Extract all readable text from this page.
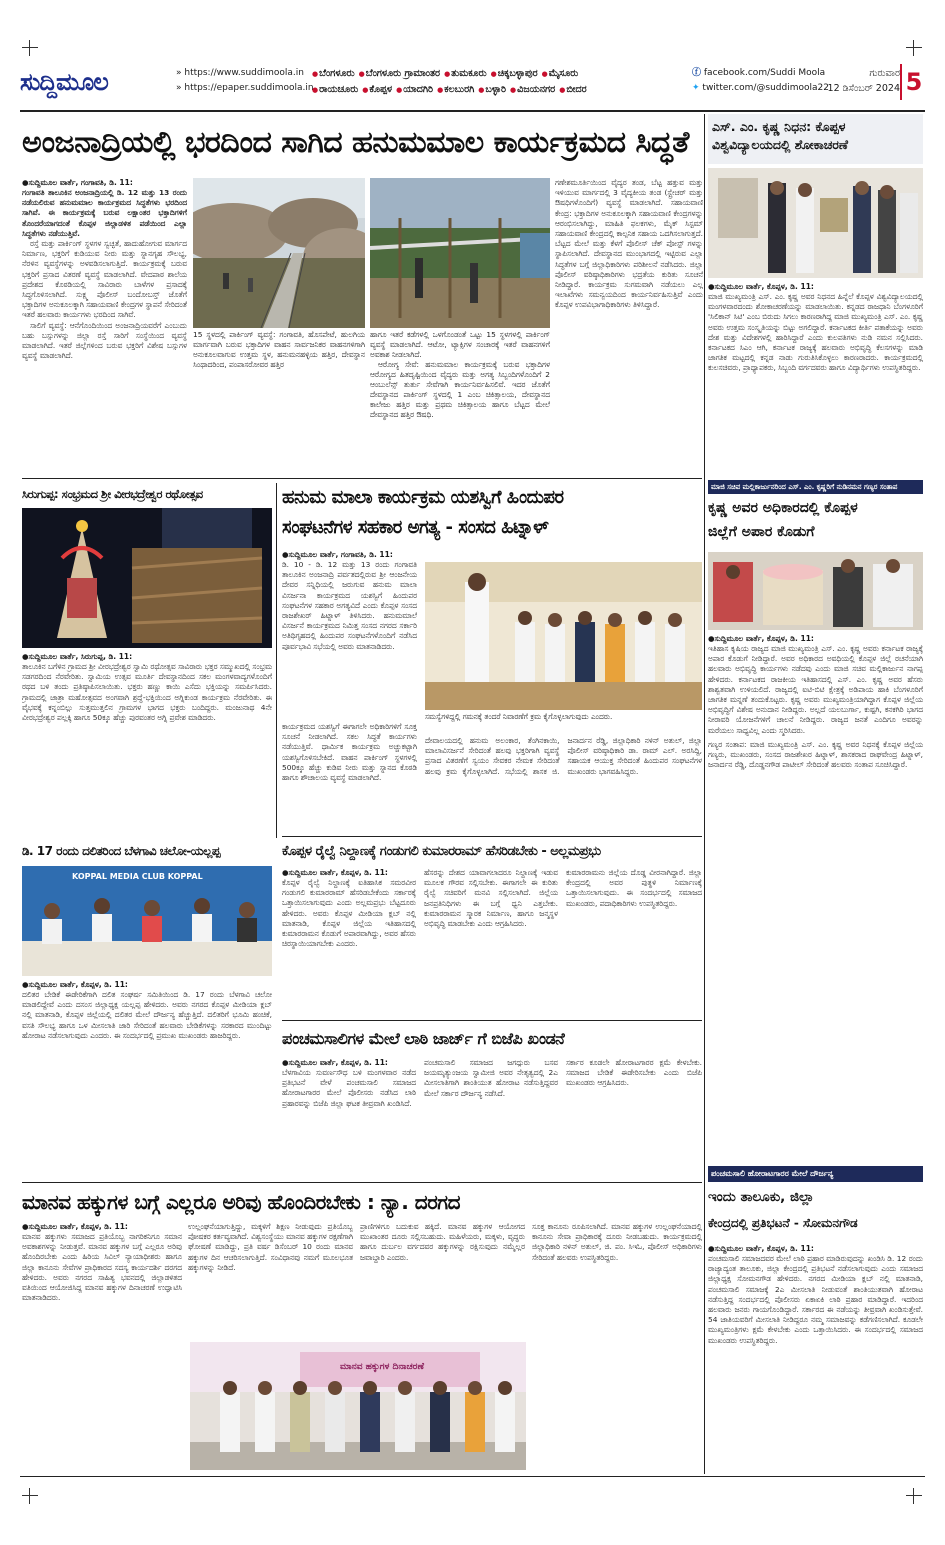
ಸುದ್ದಿಮೂಲ	» https://www.suddimoola.in
» https://epaper.suddimoola.in
● ಬೆಂಗಳೂರು ● ಬೆಂಗಳೂರು ಗ್ರಾಮಾಂತರ ● ತುಮಕೂರು ● ಚಿಕ್ಕಬಳ್ಳಾಪುರ ● ಮೈಸೂರು
● ರಾಯಚೂರು ● ಕೊಪ್ಪಳ ● ಯಾದಗಿರಿ ● ಕಲಬುರಗಿ ● ಬಳ್ಳಾರಿ ● ವಿಜಯನಗರ ● ಬೀದರ
ⓕ facebook.com/Suddi Moola
✦ twitter.com/@suddimoola22
ಗುರುವಾರ
12 ಡಿಸೆಂಬರ್ 2024 5
ಅಂಜನಾದ್ರಿಯಲ್ಲಿ ಭರದಿಂದ ಸಾಗಿದ ಹನುಮಮಾಲ ಕಾರ್ಯಕ್ರಮದ ಸಿದ್ಧತೆ
●ಸುದ್ದಿಮೂಲ ವಾರ್ತೆ, ಗಂಗಾವತಿ, ಡಿ. 11:
ಗಂಗಾವತಿ ತಾಲೂಕಿನ ಅಂಜನಾದ್ರಿಯಲ್ಲಿ ಡಿ. 12 ಮತ್ತು 13 ರಂದು ನಡೆಯಲಿರುವ ಹನುಮಮಾಲ ಕಾರ್ಯಕ್ರಮದ ಸಿದ್ಧತೆಗಳು ಭರದಿಂದ ಸಾಗಿವೆ. ಈ ಕಾರ್ಯಕ್ರಮಕ್ಕೆ ಬರುವ ಲಕ್ಷಾಂತರ ಭಕ್ತಾದಿಗಳಿಗೆ ತೊಂದರೆಯಾಗದಂತೆ ಕೊಪ್ಪಳ ಜಿಲ್ಲಾಡಳಿತ ಪಡೆಯಿಂದ ಎಲ್ಲಾ ಸಿದ್ಧತೆಗಳು ನಡೆಯುತ್ತಿವೆ.
ರಸ್ತೆ ಮತ್ತು ಪಾರ್ಕಿಂಗ್ ಸ್ಥಳಗಳ ಸ್ವಚ್ಛತೆ, ಹಾದುಹೋಗುವ ಮಾರ್ಗದ ನಿರ್ಮಾಣ, ಭಕ್ತರಿಗೆ ಕುಡಿಯುವ ನೀರು ಮತ್ತು ಸ್ನಾನಗೃಹ ಸೌಲಭ್ಯ, ನೆರಳಿನ ವ್ಯವಸ್ಥೆಗಳನ್ನು ಅಳವಡಿಸಲಾಗುತ್ತಿದೆ. ಕಾರ್ಯಕ್ರಮಕ್ಕೆ ಬರುವ ಭಕ್ತರಿಗೆ ಪ್ರಸಾದ ವಿತರಣೆ ವ್ಯವಸ್ಥೆ ಮಾಡಲಾಗಿದೆ. ವೇದಪಾಠ ಶಾಲೆಯ ಪ್ರದೇಶದ ಕೊಠಡಿಯಲ್ಲಿ ಸಾವಿರಾರು ಬಾಳೆಗಳ ಪ್ರಸಾದಕ್ಕೆ ಸಿದ್ಧಗೊಳಿಸಲಾಗಿದೆ. ಸುಕ್ಷ್ಮ ಪೊಲೀಸ್ ಬಂದೋಬಸ್ತ್ ಜೊತೆಗೆ ಭಕ್ತಾದಿಗಳ ಅನುಕೂಲಕ್ಕಾಗಿ ಸಹಾಯವಾಣಿ ಕೇಂದ್ರಗಳ ಸ್ಥಾಪನೆ ಸೇರಿದಂತೆ ಇತರೆ ಹಲವಾರು ಕಾರ್ಯಗಳು ಭರದಿಂದ ಸಾಗಿವೆ.
ಸಾಲಿಗೆ ವ್ಯವಸ್ಥೆ: ಆನೆಗೊಂದಿಯಿಂದ ಅಂಜನಾದ್ರಿಯವರೆಗೆ ಎಂಬುದು ಬಹು ಬಸ್ಸುಗಳನ್ನು ಜಿಲ್ಲಾ ರಸ್ತೆ ಸಾರಿಗೆ ಸಂಸ್ಥೆಯಿಂದ ವ್ಯವಸ್ಥೆ ಮಾಡಲಾಗಿದೆ. ಇತರೆ ಜಿಲ್ಲೆಗಳಿಂದ ಬರುವ ಭಕ್ತರಿಗೆ ವಿಶೇಷ ಬಸ್ಸುಗಳ ವ್ಯವಸ್ಥೆ ಮಾಡಲಾಗಿದೆ.
15 ಸ್ಥಳದಲ್ಲಿ ಪಾರ್ಕಿಂಗ್ ವ್ಯವಸ್ಥೆ: ಗಂಗಾವತಿ, ಹೊಸಪೇಟೆ, ಹುಲಗಿಯ ಮಾರ್ಗವಾಗಿ ಬರುವ ಭಕ್ತಾದಿಗಳ ವಾಹನ ಸಾರ್ವಜನಿಕರ ವಾಹನಗಳಿಗಾಗಿ ಅನುಕೂಲವಾಗುವ ಉತ್ತಮ ಸ್ಥಳ, ಹನುಮನಹಳ್ಳಿಯ ಹತ್ತಿರ, ದೇವಸ್ಥಾನ ಸಿಂಥಾದರಿಂದ, ಪಂಪಾಸರೋವರ ಹತ್ತಿರ
ಹಾಗೂ ಇತರೆ ಕಡೆಗಳಲ್ಲಿ ಒಳಗೊಂಡಂತೆ ಒಟ್ಟು 15 ಸ್ಥಳಗಳಲ್ಲಿ ಪಾರ್ಕಿಂಗ್ ವ್ಯವಸ್ಥೆ ಮಾಡಲಾಗಿದೆ. ಆಟೋ, ಟ್ಯಾಕ್ಸಿಗಳ ಸಂಚಾರಕ್ಕೆ ಇತರೆ ವಾಹನಗಳಿಗೆ ಅವಕಾಶ ನೀಡಲಾಗಿದೆ.
ಆರೋಗ್ಯ ಸೇವೆ: ಹನುಮಮಾಲ ಕಾರ್ಯಕ್ರಮಕ್ಕೆ ಬರುವ ಭಕ್ತಾದಿಗಳ ಆರೋಗ್ಯದ ಹಿತದೃಷ್ಟಿಯಿಂದ ವೈದ್ಯರು ಮತ್ತು ಅಗತ್ಯ ಸಿಬ್ಬಂದಿಗಳೊಂದಿಗೆ 2 ಆಂಬುಲೆನ್ಸ್ ತುರ್ತು ಸೇವೆಗಾಗಿ ಕಾರ್ಯನಿರ್ವಹಿಸಲಿವೆ. ಇದರ ಜೊತೆಗೆ ದೇವಸ್ಥಾನದ ಪಾರ್ಕಿಂಗ್ ಸ್ಥಳದಲ್ಲಿ 1 ಎಂಬ ಚಿಕಿತ್ಸಾಲಯ, ದೇವಸ್ಥಾನದ ಕಾಲೇಜು ಹತ್ತಿರ ಮತ್ತು ಪ್ರಥಮ ಚಿಕಿತ್ಸಾಲಯ ಹಾಗೂ ಬೆಟ್ಟದ ಮೇಲೆ ದೇವಸ್ಥಾನದ ಹತ್ತಿರ ಔಷಧಿ.
ಗಣೇಶಮೂರ್ತಿಯಿಂದ ವೈದ್ಯರ ತಂಡ, ಬೆಟ್ಟ ಹತ್ತುವ ಮತ್ತು ಇಳಿಯುವ ಮಾರ್ಗದಲ್ಲಿ 3 ವೈದ್ಯಕೀಯ ತಂಡ (ಸ್ಟ್ರೇಚರ್ ಮತ್ತು ಔಷಧಿಗಳೊಂದಿಗೆ) ವ್ಯವಸ್ಥೆ ಮಾಡಲಾಗಿದೆ. ಸಹಾಯವಾಣಿ ಕೇಂದ್ರ: ಭಕ್ತಾದಿಗಳ ಅನುಕೂಲಕ್ಕಾಗಿ ಸಹಾಯವಾಣಿ ಕೇಂದ್ರಗಳನ್ನು ಆರಂಭಿಸಲಾಗಿದ್ದು, ಮಾಹಿತಿ ಫಲಕಗಳು, ಮೈಕ್ ಸಿಸ್ಟಮ್ ಸಹಾಯವಾಣಿ ಕೇಂದ್ರದಲ್ಲಿ ಕಾಲ್ಪನಿಕ ಸಹಾಯ ಒದಗಿಸಲಾಗುತ್ತದೆ. ಬೆಟ್ಟದ ಮೇಲೆ ಮತ್ತು ಕೆಳಗೆ ಪೊಲೀಸ್ ಚೆಕ್ ಪೋಸ್ಟ್ ಗಳನ್ನು ಸ್ಥಾಪಿಸಲಾಗಿದೆ. ದೇವಸ್ಥಾನದ ಮುಂಭಾಗದಲ್ಲಿ ಇಟ್ಟಿರುವ ಎಲ್ಲಾ ಸಿದ್ಧತೆಗಳ ಬಗ್ಗೆ ಜಿಲ್ಲಾಧಿಕಾರಿಗಳು ಪರಿಶೀಲನೆ ನಡೆಸಿದರು. ಜಿಲ್ಲಾ ಪೊಲೀಸ್ ವರಿಷ್ಠಾಧಿಕಾರಿಗಳು ಭದ್ರತೆಯ ಕುರಿತು ಸೂಚನೆ ನೀಡಿದ್ದಾರೆ. ಕಾರ್ಯಕ್ರಮ ಸುಗಮವಾಗಿ ನಡೆಯಲು ಎಲ್ಲ ಇಲಾಖೆಗಳು ಸಮನ್ವಯದಿಂದ ಕಾರ್ಯನಿರ್ವಹಿಸುತ್ತಿವೆ ಎಂದು ಕೊಪ್ಪಳ ಉಪವಿಭಾಗಾಧಿಕಾರಿಗಳು ತಿಳಿಸಿದ್ದಾರೆ.
ಎಸ್. ಎಂ. ಕೃಷ್ಣ ನಿಧನ: ಕೊಪ್ಪಳ
ವಿಶ್ವವಿದ್ಯಾಲಯದಲ್ಲಿ ಶೋಕಾಚರಣೆ
●ಸುದ್ದಿಮೂಲ ವಾರ್ತೆ, ಕೊಪ್ಪಳ, ಡಿ. 11:
ಮಾಜಿ ಮುಖ್ಯಮಂತ್ರಿ ಎಸ್. ಎಂ. ಕೃಷ್ಣ ಅವರ ನಿಧನದ ಹಿನ್ನೆಲೆ ಕೊಪ್ಪಳ ವಿಶ್ವವಿದ್ಯಾಲಯದಲ್ಲಿ ಮಂಗಳವಾರದಂದು ಶೋಕಾಚರಣೆಯನ್ನು ಮಾಡಲಾಯಿತು. ಕನ್ನಡದ ರಾಜಧಾನಿ ಬೆಂಗಳೂರಿಗೆ 'ಸಿಲಿಕಾನ್ ಸಿಟಿ' ಎಂಬ ಬಿರುದು ಸಿಗಲು ಕಾರಣರಾಗಿದ್ದ ಮಾಜಿ ಮುಖ್ಯಮಂತ್ರಿ ಎಸ್. ಎಂ. ಕೃಷ್ಣ ಅವರು ಉತ್ತಮ ಸಂಸ್ಕೃತಿಯನ್ನು ಬಿಟ್ಟು ಅಗಲಿದ್ದಾರೆ. ಕರ್ನಾಟಕದ ಕೀರ್ತಿ ಪತಾಕೆಯನ್ನು ಅವರು ದೇಶ ಮತ್ತು ವಿದೇಶಗಳಲ್ಲಿ ಹಾರಿಸಿದ್ದಾರೆ ಎಂದು ಕುಲಪತಿಗಳು ನುಡಿ ನಮನ ಸಲ್ಲಿಸಿದರು. ಕರ್ನಾಟಕದ ಸಿಎಂ ಆಗಿ, ಕರ್ನಾಟಕ ರಾಜ್ಯಕ್ಕೆ ಹಲವಾರು ಅಭಿವೃದ್ಧಿ ಕೆಲಸಗಳನ್ನು ಮಾಡಿ ಜಾಗತಿಕ ಮಟ್ಟದಲ್ಲಿ ಕನ್ನಡ ನಾಡು ಗುರುತಿಸಿಕೊಳ್ಳಲು ಕಾರಣರಾದರು. ಕಾರ್ಯಕ್ರಮದಲ್ಲಿ ಕುಲಸಚಿವರು, ಪ್ರಾಧ್ಯಾಪಕರು, ಸಿಬ್ಬಂದಿ ವರ್ಗದವರು ಹಾಗೂ ವಿದ್ಯಾರ್ಥಿಗಳು ಉಪಸ್ಥಿತರಿದ್ದರು.
ಸಿರುಗುಪ್ಪ: ಸಂಭ್ರಮದ ಶ್ರೀ ವೀರಭದ್ರೇಶ್ವರ ರಥೋತ್ಸವ
●ಸುದ್ದಿಮೂಲ ವಾರ್ತೆ, ಸಿರುಗುಪ್ಪ, ಡಿ. 11:
ತಾಲೂಕಿನ ಬಗೆಳಿನ ಗ್ರಾಮದ ಶ್ರೀ ವೀರಭದ್ರೇಶ್ವರ ಸ್ವಾಮಿ ರಥೋತ್ಸವ ಸಾವಿರಾರು ಭಕ್ತರ ಸಮ್ಮುಖದಲ್ಲಿ ಸಂಭ್ರಮ ಸಡಗರದಿಂದ ನೆರವೇರಿತು. ಸ್ವಾಮಿಯ ಉತ್ಸವ ಮೂರ್ತಿ ದೇವಸ್ಥಾನದಿಂದ ಸಕಲ ಮಂಗಳವಾದ್ಯಗಳೊಂದಿಗೆ ರಥದ ಬಳಿ ತಂದು ಪ್ರತಿಷ್ಠಾಪಿಸಲಾಯಿತು. ಭಕ್ತರು ಹಣ್ಣು ಕಾಯಿ ಎಸೆದು ಭಕ್ತಿಯನ್ನು ಸಮರ್ಪಿಸಿದರು. ಗ್ರಾಮದಲ್ಲಿ ಜಾತ್ರಾ ಮಹೋತ್ಸವದ ಅಂಗವಾಗಿ ಶ್ರದ್ಧೆ-ಭಕ್ತಿಯಿಂದ ಅಗ್ನಿಕುಂಡ ಕಾರ್ಯಕ್ರಮ ನೆರವೇರಿತು. ಈ ವೈಭವಕ್ಕೆ ಕನ್ನಂಬಿಲ್ಲು ಸುತ್ತಮುತ್ತಲಿನ ಗ್ರಾಮಗಳ ಭಾಗದ ಭಕ್ತರು ಬಂದಿದ್ದರು. ಮಂಜುನಾಥ 4ನೇ ವೀರಭದ್ರೇಶ್ವರ ಪಲ್ಲಕ್ಕಿ ಹಾಗೂ 50ಕ್ಕೂ ಹೆಚ್ಚು ಪುರವಂತರ ಅಗ್ನಿ ಪ್ರವೇಶ ಮಾಡಿದರು.
ಡಿ. 17 ರಂದು ದಲಿತರಿಂದ ಬೆಳಗಾವಿ ಚಲೋ-ಯಲ್ಲಪ್ಪ
KOPPAL MEDIA CLUB KOPPAL
●ಸುದ್ದಿಮೂಲ ವಾರ್ತೆ, ಕೊಪ್ಪಳ, ಡಿ. 11:
ದಲಿತರ ಬೇಡಿಕೆ ಈಡೇರಿಕೆಗಾಗಿ ದಲಿತ ಸಂಘರ್ಷ ಸಮಿತಿಯಿಂದ ಡಿ. 17 ರಂದು ಬೆಳಗಾವಿ ಚಲೋ ಮಾಡಲಿದ್ದೇವೆ ಎಂದು ದಸಂಸ ಜಿಲ್ಲಾಧ್ಯಕ್ಷ ಯಲ್ಲಪ್ಪ ಹೇಳಿದರು. ಅವರು ನಗರದ ಕೊಪ್ಪಳ ಮೀಡಿಯಾ ಕ್ಲಬ್ ನಲ್ಲಿ ಮಾತನಾಡಿ, ಕೊಪ್ಪಳ ಜಿಲ್ಲೆಯಲ್ಲಿ ದಲಿತರ ಮೇಲೆ ದೌರ್ಜನ್ಯ ಹೆಚ್ಚುತ್ತಿದೆ. ದಲಿತರಿಗೆ ಭೂಮಿ ಹಂಚಿಕೆ, ವಸತಿ ಸೌಲಭ್ಯ ಹಾಗೂ ಒಳ ಮೀಸಲಾತಿ ಜಾರಿ ಸೇರಿದಂತೆ ಹಲವಾರು ಬೇಡಿಕೆಗಳನ್ನು ಸರಕಾರದ ಮುಂದಿಟ್ಟು ಹೋರಾಟ ನಡೆಸಲಾಗುವುದು ಎಂದರು. ಈ ಸಂದರ್ಭದಲ್ಲಿ ಪ್ರಮುಖ ಮುಖಂಡರು ಹಾಜರಿದ್ದರು.
ಹನುಮ ಮಾಲಾ ಕಾರ್ಯಕ್ರಮ ಯಶಸ್ವಿಗೆ ಹಿಂದುಪರ
ಸಂಘಟನೆಗಳ ಸಹಕಾರ ಅಗತ್ಯ - ಸಂಸದ ಹಿಟ್ನಾಳ್
●ಸುದ್ದಿಮೂಲ ವಾರ್ತೆ, ಗಂಗಾವತಿ, ಡಿ. 11:
ಡಿ. 10 - ಡಿ. 12 ಮತ್ತು 13 ರಂದು ಗಂಗಾವತಿ ತಾಲೂಕಿನ ಅಂಜನಾದ್ರಿ ಪರ್ವತದಲ್ಲಿರುವ ಶ್ರೀ ಆಂಜನೇಯ ದೇವರ ಸನ್ನಿಧಿಯಲ್ಲಿ ಜರುಗುವ ಹನುಮ ಮಾಲಾ ವಿಸರ್ಜನಾ ಕಾರ್ಯಕ್ರಮದ ಯಶಸ್ವಿಗೆ ಹಿಂದುಪರ ಸಂಘಟನೆಗಳ ಸಹಕಾರ ಅಗತ್ಯವಿದೆ ಎಂದು ಕೊಪ್ಪಳ ಸಂಸದ ರಾಜಶೇಖರ್ ಹಿಟ್ನಾಳ್ ತಿಳಿಸಿದರು. ಹನುಮಮಾಲೆ ವಿಸರ್ಜನೆ ಕಾರ್ಯಕ್ರಮದ ನಿಮಿತ್ತ ಸಂಸದ ನಗರದ ಸರ್ಕಾರಿ ಅತಿಥಿಗೃಹದಲ್ಲಿ ಹಿಂದುಪರ ಸಂಘಟನೆಗಳೊಂದಿಗೆ ನಡೆಸಿದ ಪೂರ್ವಭಾವಿ ಸಭೆಯಲ್ಲಿ ಅವರು ಮಾತನಾಡಿದರು.
ಸಮಸ್ಯೆಗಳಿದ್ದಲ್ಲಿ ಗಮನಕ್ಕೆ ತಂದರೆ ನಿವಾರಣೆಗೆ ಕ್ರಮ ಕೈಗೊಳ್ಳಲಾಗುವುದು ಎಂದರು.
ಕಾರ್ಯಕ್ರಮದ ಯಶಸ್ವಿಗೆ ಈಗಾಗಲೇ ಅಧಿಕಾರಿಗಳಿಗೆ ಸೂಕ್ತ ಸೂಚನೆ ನೀಡಲಾಗಿದೆ. ಸಕಲ ಸಿದ್ಧತೆ ಕಾರ್ಯಗಳು ನಡೆಯುತ್ತಿವೆ. ಧಾರ್ಮಿಕ ಕಾರ್ಯಕ್ರಮ ಅಚ್ಚುಕಟ್ಟಾಗಿ ಯಶಸ್ವಿಗೊಳಿಸಬೇಕಿದೆ. ವಾಹನ ಪಾರ್ಕಿಂಗ್ ಸ್ಥಳಗಳಲ್ಲಿ 500ಕ್ಕೂ ಹೆಚ್ಚು ಕುಡಿವ ನೀರು ಮತ್ತು ಸ್ನಾನದ ಕೊಠಡಿ ಹಾಗೂ ಶೌಚಾಲಯ ವ್ಯವಸ್ಥೆ ಮಾಡಲಾಗಿದೆ.
ದೇವಾಲಯದಲ್ಲಿ ಹನುಮ ಅಲಂಕಾರ, ತೆಂಗಿನಕಾಯಿ, ಮಾಲಾವಿಸರ್ಜನೆ ಸೇರಿದಂತೆ ಹಲವು ಭಕ್ತರಿಗಾಗಿ ವ್ಯವಸ್ಥೆ ಪ್ರಸಾದ ವಿತರಣೆಗೆ ಸ್ವಯಂ ಸೇವಕರ ನೇಮಕ ಸೇರಿದಂತೆ ಹಲವು ಕ್ರಮ ಕೈಗೊಳ್ಳಲಾಗಿದೆ. ಸಭೆಯಲ್ಲಿ ಶಾಸಕ ಜಿ. ಜನಾರ್ದನ ರೆಡ್ಡಿ, ಜಿಲ್ಲಾಧಿಕಾರಿ ನಳಿನ್ ಅತುಲ್, ಜಿಲ್ಲಾ ಪೊಲೀಸ್ ವರಿಷ್ಠಾಧಿಕಾರಿ ಡಾ. ರಾಮ್ ಎಲ್. ಅರಸಿದ್ದಿ, ಸಹಾಯಕ ಆಯುಕ್ತ ಸೇರಿದಂತೆ ಹಿಂದುಪರ ಸಂಘಟನೆಗಳ ಮುಖಂಡರು ಭಾಗವಹಿಸಿದ್ದರು.
ಕೊಪ್ಪಳ ರೈಲ್ವೆ ನಿಲ್ದಾಣಕ್ಕೆ ಗಂಡುಗಲಿ ಕುಮಾರರಾಮ್ ಹೆಸರಿಡಬೇಕು - ಅಲ್ಲಮಪ್ರಭು
●ಸುದ್ದಿಮೂಲ ವಾರ್ತೆ, ಕೊಪ್ಪಳ, ಡಿ. 11:
ಕೊಪ್ಪಳ ರೈಲ್ವೆ ನಿಲ್ದಾಣಕ್ಕೆ ಐತಿಹಾಸಿಕ ಸಮರವೀರ ಗಂಡುಗಲಿ ಕುಮಾರರಾಮ್ ಹೆಸರಿಡಬೇಕೆಂದು ಸರ್ಕಾರಕ್ಕೆ ಒತ್ತಾಯಿಸಲಾಗುವುದು ಎಂದು ಅಲ್ಲಮಪ್ರಭು ಬೆಟ್ಟದೂರು ಹೇಳಿದರು. ಅವರು ಕೊಪ್ಪಳ ಮೀಡಿಯಾ ಕ್ಲಬ್ ನಲ್ಲಿ ಮಾತನಾಡಿ, ಕೊಪ್ಪಳ ಜಿಲ್ಲೆಯ ಇತಿಹಾಸದಲ್ಲಿ ಕುಮಾರರಾಮನ ಕೊಡುಗೆ ಅಪಾರವಾಗಿದ್ದು, ಅವರ ಹೆಸರು ಚಿರಸ್ಥಾಯಿಯಾಗಬೇಕು ಎಂದರು.
ಹೆಸರನ್ನು ದೇಶದ ಯಾವಾಗಲಾದರೂ ನಿಲ್ದಾಣಕ್ಕೆ ಇಡುವ ಮೂಲಕ ಗೌರವ ಸಲ್ಲಿಸಬೇಕು. ಈಗಾಗಲೇ ಈ ಕುರಿತು ರೈಲ್ವೆ ಸಚಿವರಿಗೆ ಮನವಿ ಸಲ್ಲಿಸಲಾಗಿದೆ. ಜಿಲ್ಲೆಯ ಜನಪ್ರತಿನಿಧಿಗಳು ಈ ಬಗ್ಗೆ ಧ್ವನಿ ಎತ್ತಬೇಕು. ಕುಮಾರರಾಮನ ಸ್ಮಾರಕ ನಿರ್ಮಾಣ, ಹಾಗೂ ಜನ್ಮಸ್ಥಳ ಅಭಿವೃದ್ಧಿ ಮಾಡಬೇಕು ಎಂದು ಆಗ್ರಹಿಸಿದರು.
ಕುಮಾರರಾಮನು ಜಿಲ್ಲೆಯ ದೊಡ್ಡ ವೀರನಾಗಿದ್ದಾರೆ. ಜಿಲ್ಲಾ ಕೇಂದ್ರದಲ್ಲಿ ಅವರ ಪುತ್ಥಳಿ ನಿರ್ಮಾಣಕ್ಕೆ ಒತ್ತಾಯಿಸಲಾಗುವುದು. ಈ ಸಂದರ್ಭದಲ್ಲಿ ಸಮಾಜದ ಮುಖಂಡರು, ಪದಾಧಿಕಾರಿಗಳು ಉಪಸ್ಥಿತರಿದ್ದರು.
ಪಂಚಮಸಾಲಿಗಳ ಮೇಲೆ ಲಾಠಿ ಜಾರ್ಜ್ ಗೆ ಬಿಜೆಪಿ ಖಂಡನೆ
●ಸುದ್ದಿಮೂಲ ವಾರ್ತೆ, ಕೊಪ್ಪಳ, ಡಿ. 11:
ಬೆಳಗಾವಿಯ ಸುವರ್ಣಸೌಧ ಬಳಿ ಮಂಗಳವಾರ ನಡೆದ ಪ್ರತಿಭಟನೆ ವೇಳೆ ಪಂಚಮಸಾಲಿ ಸಮಾಜದ ಹೋರಾಟಗಾರರ ಮೇಲೆ ಪೊಲೀಸರು ನಡೆಸಿದ ಲಾಠಿ ಪ್ರಹಾರವನ್ನು ಬಿಜೆಪಿ ಜಿಲ್ಲಾ ಘಟಕ ತೀವ್ರವಾಗಿ ಖಂಡಿಸಿದೆ.
ಪಂಚಮಸಾಲಿ ಸಮಾಜದ ಜಗದ್ಗುರು ಬಸವ ಜಯಮೃತ್ಯುಂಜಯ ಸ್ವಾಮೀಜಿ ಅವರ ನೇತೃತ್ವದಲ್ಲಿ 2ಎ ಮೀಸಲಾತಿಗಾಗಿ ಶಾಂತಿಯುತ ಹೋರಾಟ ನಡೆಸುತ್ತಿದ್ದವರ ಮೇಲೆ ಸರ್ಕಾರ ದೌರ್ಜನ್ಯ ನಡೆಸಿದೆ.
ಸರ್ಕಾರ ಕೂಡಲೇ ಹೋರಾಟಗಾರರ ಕ್ಷಮೆ ಕೇಳಬೇಕು. ಸಮಾಜದ ಬೇಡಿಕೆ ಈಡೇರಿಸಬೇಕು ಎಂದು ಬಿಜೆಪಿ ಮುಖಂಡರು ಆಗ್ರಹಿಸಿದರು.
ಮಾಜಿ ಸಚಿವ ಮಲ್ಲಿಕಾರ್ಜುನರಿಂದ ಎಸ್. ಎಂ. ಕೃಷ್ಣರಿಗೆ ನುಡಿನಮನ ಗಣ್ಯರ ಸಂತಾಪ
ಕೃಷ್ಣ ಅವರ ಅಧಿಕಾರದಲ್ಲಿ ಕೊಪ್ಪಳ
ಜಿಲ್ಲೆಗೆ ಅಪಾರ ಕೊಡುಗೆ
●ಸುದ್ದಿಮೂಲ ವಾರ್ತೆ, ಕೊಪ್ಪಳ, ಡಿ. 11:
ಇತಿಹಾಸ ಕೃಷಿಯ ರಾಜ್ಯದ ಮಾಜಿ ಮುಖ್ಯಮಂತ್ರಿ ಎಸ್. ಎಂ. ಕೃಷ್ಣ ಅವರು ಕರ್ನಾಟಕ ರಾಜ್ಯಕ್ಕೆ ಅಪಾರ ಕೊಡುಗೆ ನೀಡಿದ್ದಾರೆ. ಅವರ ಅಧಿಕಾರದ ಅವಧಿಯಲ್ಲಿ ಕೊಪ್ಪಳ ಜಿಲ್ಲೆ ರಚನೆಯಾಗಿ ಹಲವಾರು ಅಭಿವೃದ್ಧಿ ಕಾರ್ಯಗಳು ನಡೆದವು ಎಂದು ಮಾಜಿ ಸಚಿವ ಮಲ್ಲಿಕಾರ್ಜುನ ನಾಗಪ್ಪ ಹೇಳಿದರು. ಕರ್ನಾಟಕದ ರಾಜಕೀಯ ಇತಿಹಾಸದಲ್ಲಿ ಎಸ್. ಎಂ. ಕೃಷ್ಣ ಅವರ ಹೆಸರು ಶಾಶ್ವತವಾಗಿ ಉಳಿಯಲಿದೆ. ರಾಜ್ಯದಲ್ಲಿ ಐಟಿ-ಬಿಟಿ ಕ್ಷೇತ್ರಕ್ಕೆ ಅಡಿಪಾಯ ಹಾಕಿ ಬೆಂಗಳೂರಿಗೆ ಜಾಗತಿಕ ಮನ್ನಣೆ ತಂದುಕೊಟ್ಟರು. ಕೃಷ್ಣ ಅವರು ಮುಖ್ಯಮಂತ್ರಿಯಾಗಿದ್ದಾಗ ಕೊಪ್ಪಳ ಜಿಲ್ಲೆಯ ಅಭಿವೃದ್ಧಿಗೆ ವಿಶೇಷ ಅನುದಾನ ನೀಡಿದ್ದರು. ಅಲ್ಲದೆ ಯಲಬುರ್ಗಾ, ಕುಷ್ಟಗಿ, ಕನಕಗಿರಿ ಭಾಗದ ನೀರಾವರಿ ಯೋಜನೆಗಳಿಗೆ ಚಾಲನೆ ನೀಡಿದ್ದರು. ರಾಜ್ಯದ ಜನತೆ ಎಂದಿಗೂ ಅವರನ್ನು ಮರೆಯಲು ಸಾಧ್ಯವಿಲ್ಲ ಎಂದು ಸ್ಮರಿಸಿದರು.
ಗಣ್ಯರ ಸಂತಾಪ: ಮಾಜಿ ಮುಖ್ಯಮಂತ್ರಿ ಎಸ್. ಎಂ. ಕೃಷ್ಣ ಅವರ ನಿಧನಕ್ಕೆ ಕೊಪ್ಪಳ ಜಿಲ್ಲೆಯ ಗಣ್ಯರು, ಮುಖಂಡರು, ಸಂಸದ ರಾಜಶೇಖರ ಹಿಟ್ನಾಳ್, ಶಾಸಕರಾದ ರಾಘವೇಂದ್ರ ಹಿಟ್ನಾಳ್, ಜನಾರ್ದನ ರೆಡ್ಡಿ, ದೊಡ್ಡನಗೌಡ ಪಾಟೀಲ್ ಸೇರಿದಂತೆ ಹಲವರು ಸಂತಾಪ ಸೂಚಿಸಿದ್ದಾರೆ.
ಮಾನವ ಹಕ್ಕುಗಳ ಬಗ್ಗೆ ಎಲ್ಲರೂ ಅರಿವು ಹೊಂದಿರಬೇಕು : ನ್ಯಾ. ದರಗದ
●ಸುದ್ದಿಮೂಲ ವಾರ್ತೆ, ಕೊಪ್ಪಳ, ಡಿ. 11:
ಮಾನವ ಹಕ್ಕುಗಳು ಸಮಾಜದ ಪ್ರತಿಯೊಬ್ಬ ನಾಗರಿಕನಿಗೂ ಸಮಾನ ಅವಕಾಶಗಳನ್ನು ನೀಡುತ್ತವೆ. ಮಾನವ ಹಕ್ಕುಗಳ ಬಗ್ಗೆ ಎಲ್ಲರೂ ಅರಿವು ಹೊಂದಿರಬೇಕು ಎಂದು ಹಿರಿಯ ಸಿವಿಲ್ ನ್ಯಾಯಾಧೀಶರು ಹಾಗೂ ಜಿಲ್ಲಾ ಕಾನೂನು ಸೇವೆಗಳ ಪ್ರಾಧಿಕಾರದ ಸದಸ್ಯ ಕಾರ್ಯದರ್ಶಿ ದರಗದ ಹೇಳಿದರು. ಅವರು ನಗರದ ಸಾಹಿತ್ಯ ಭವನದಲ್ಲಿ ಜಿಲ್ಲಾಡಳಿತದ ವತಿಯಿಂದ ಆಯೋಜಿಸಿದ್ದ ಮಾನವ ಹಕ್ಕುಗಳ ದಿನಾಚರಣೆ ಉದ್ಘಾಟಿಸಿ ಮಾತನಾಡಿದರು.
ಉಲ್ಲಂಘನೆಯಾಗುತ್ತಿದ್ದು, ಮಕ್ಕಳಿಗೆ ಶಿಕ್ಷಣ ನೀಡುವುದು ಪ್ರತಿಯೊಬ್ಬ ಪೋಷಕರ ಕರ್ತವ್ಯವಾಗಿದೆ. ವಿಶ್ವಸಂಸ್ಥೆಯು ಮಾನವ ಹಕ್ಕುಗಳ ರಕ್ಷಣೆಗಾಗಿ ಘೋಷಣೆ ಮಾಡಿದ್ದು, ಪ್ರತಿ ವರ್ಷ ಡಿಸೆಂಬರ್ 10 ರಂದು ಮಾನವ ಹಕ್ಕುಗಳ ದಿನ ಆಚರಿಸಲಾಗುತ್ತಿದೆ. ಸಂವಿಧಾನವು ನಮಗೆ ಮೂಲಭೂತ ಹಕ್ಕುಗಳನ್ನು ನೀಡಿದೆ.
ಪ್ರಾಣಿಗಳಿಗೂ ಬದುಕುವ ಹಕ್ಕಿದೆ. ಮಾನವ ಹಕ್ಕುಗಳ ಆಯೋಗದ ಮುಖಾಂತರ ದೂರು ಸಲ್ಲಿಸಬಹುದು. ಮಹಿಳೆಯರು, ಮಕ್ಕಳು, ವೃದ್ಧರು ಹಾಗೂ ದುರ್ಬಲ ವರ್ಗದವರ ಹಕ್ಕುಗಳನ್ನು ರಕ್ಷಿಸುವುದು ನಮ್ಮೆಲ್ಲರ ಜವಾಬ್ದಾರಿ ಎಂದರು.
ಸೂಕ್ತ ಕಾನೂನು ರೂಪಿಸಲಾಗಿದೆ. ಮಾನವ ಹಕ್ಕುಗಳ ಉಲ್ಲಂಘನೆಯಾದಲ್ಲಿ ಕಾನೂನು ಸೇವಾ ಪ್ರಾಧಿಕಾರಕ್ಕೆ ದೂರು ನೀಡಬಹುದು. ಕಾರ್ಯಕ್ರಮದಲ್ಲಿ ಜಿಲ್ಲಾಧಿಕಾರಿ ನಳಿನ್ ಅತುಲ್, ಜಿ. ಪಂ. ಸಿಇಓ, ಪೊಲೀಸ್ ಅಧಿಕಾರಿಗಳು ಸೇರಿದಂತೆ ಹಲವರು ಉಪಸ್ಥಿತರಿದ್ದರು.
ಮಾನವ ಹಕ್ಕುಗಳ ದಿನಾಚರಣೆ
ಪಂಚಮಸಾಲಿ ಹೋರಾಟಗಾರರ ಮೇಲೆ ದೌರ್ಜನ್ಯ
ಇಂದು ತಾಲೂಕು, ಜಿಲ್ಲಾ
ಕೇಂದ್ರದಲ್ಲಿ ಪ್ರತಿಭಟನೆ - ಸೋಮನಗೌಡ
●ಸುದ್ದಿಮೂಲ ವಾರ್ತೆ, ಕೊಪ್ಪಳ, ಡಿ. 11:
ಪಂಚಮಸಾಲಿ ಸಮಾಜದವರ ಮೇಲೆ ಲಾಠಿ ಪ್ರಹಾರ ಮಾಡಿರುವುದನ್ನು ಖಂಡಿಸಿ ಡಿ. 12 ರಂದು ರಾಜ್ಯಾದ್ಯಂತ ತಾಲೂಕು, ಜಿಲ್ಲಾ ಕೇಂದ್ರದಲ್ಲಿ ಪ್ರತಿಭಟನೆ ನಡೆಸಲಾಗುವುದು ಎಂದು ಸಮಾಜದ ಜಿಲ್ಲಾಧ್ಯಕ್ಷ ಸೋಮನಗೌಡ ಹೇಳಿದರು. ನಗರದ ಮೀಡಿಯಾ ಕ್ಲಬ್ ನಲ್ಲಿ ಮಾತನಾಡಿ, ಪಂಚಮಸಾಲಿ ಸಮಾಜಕ್ಕೆ 2ಎ ಮೀಸಲಾತಿ ನೀಡುವಂತೆ ಶಾಂತಿಯುತವಾಗಿ ಹೋರಾಟ ನಡೆಸುತ್ತಿದ್ದ ಸಂದರ್ಭದಲ್ಲಿ ಪೊಲೀಸರು ಏಕಾಏಕಿ ಲಾಠಿ ಪ್ರಹಾರ ಮಾಡಿದ್ದಾರೆ. ಇದರಿಂದ ಹಲವಾರು ಜನರು ಗಾಯಗೊಂಡಿದ್ದಾರೆ. ಸರ್ಕಾರದ ಈ ನಡೆಯನ್ನು ತೀವ್ರವಾಗಿ ಖಂಡಿಸುತ್ತೇವೆ. 54 ಜಾತಿಯವರಿಗೆ ಮೀಸಲಾತಿ ನೀಡಿದ್ದರೂ ನಮ್ಮ ಸಮಾಜವನ್ನು ಕಡೆಗಣಿಸಲಾಗಿದೆ. ಕೂಡಲೇ ಮುಖ್ಯಮಂತ್ರಿಗಳು ಕ್ಷಮೆ ಕೇಳಬೇಕು ಎಂದು ಒತ್ತಾಯಿಸಿದರು. ಈ ಸಂದರ್ಭದಲ್ಲಿ ಸಮಾಜದ ಮುಖಂಡರು ಉಪಸ್ಥಿತರಿದ್ದರು.
